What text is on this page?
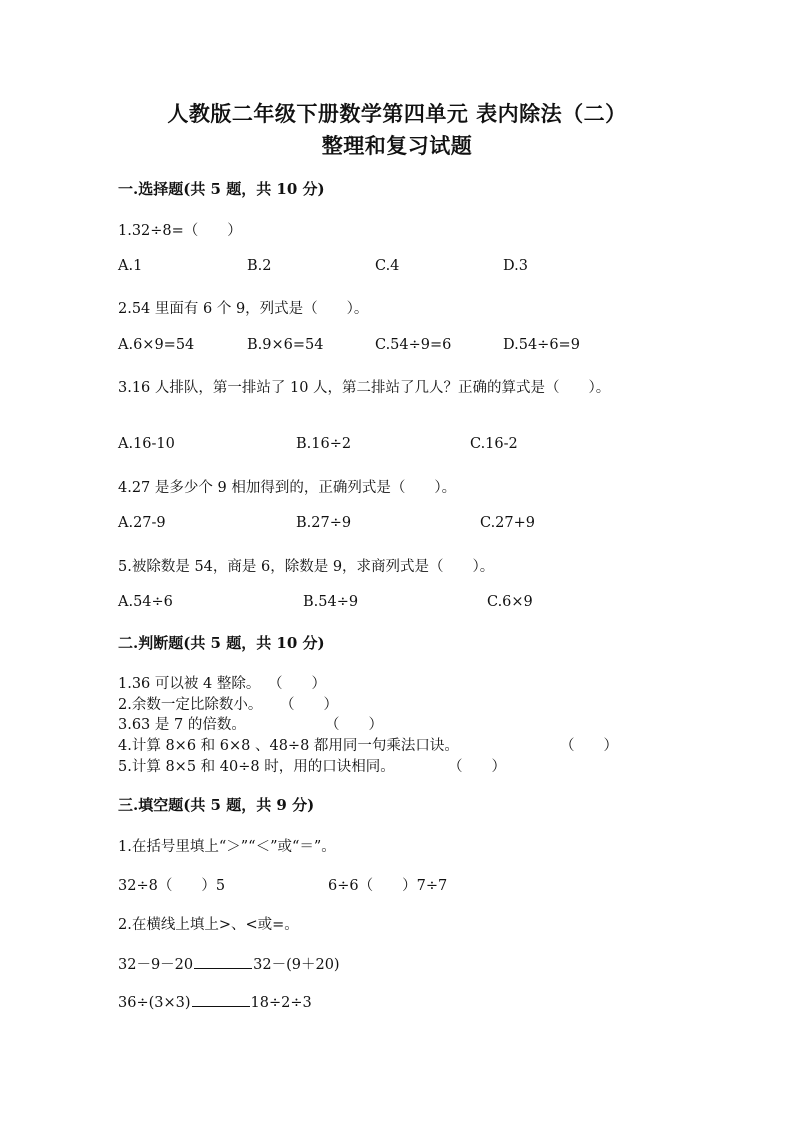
人教版二年级下册数学第四单元 表内除法（二）
整理和复习试题
一.选择题(共 5 题，共 10 分)
1.32÷8=（　　）
A.1	B.2	C.4	D.3
2.54 里面有 6 个 9，列式是（　　）。
A.6×9=54	B.9×6=54	C.54÷9=6	D.54÷6=9
3.16 人排队，第一排站了 10 人，第二排站了几人？正确的算式是（　　）。
A.16-10	B.16÷2	C.16-2
4.27 是多少个 9 相加得到的，正确列式是（　　）。
A.27-9	B.27÷9	C.27+9
5.被除数是 54，商是 6，除数是 9，求商列式是（　　）。
A.54÷6	B.54÷9	C.6×9
二.判断题(共 5 题，共 10 分)
1.36 可以被 4 整除。 （　　）
2.余数一定比除数小。 （　　）
3.63 是 7 的倍数。	（　　）
4.计算 8×6 和 6×8 、48÷8 都用同一句乘法口诀。	（　　）
5.计算 8×5 和 40÷8 时，用的口诀相同。	（　　）
三.填空题(共 5 题，共 9 分)
1.在括号里填上“＞”“＜”或“＝”。
32÷8（　　）5	6÷6（　　）7÷7
2.在横线上填上>、<或=。
32－9－20	32－(9＋20)
36÷(3×3)	18÷2÷3
